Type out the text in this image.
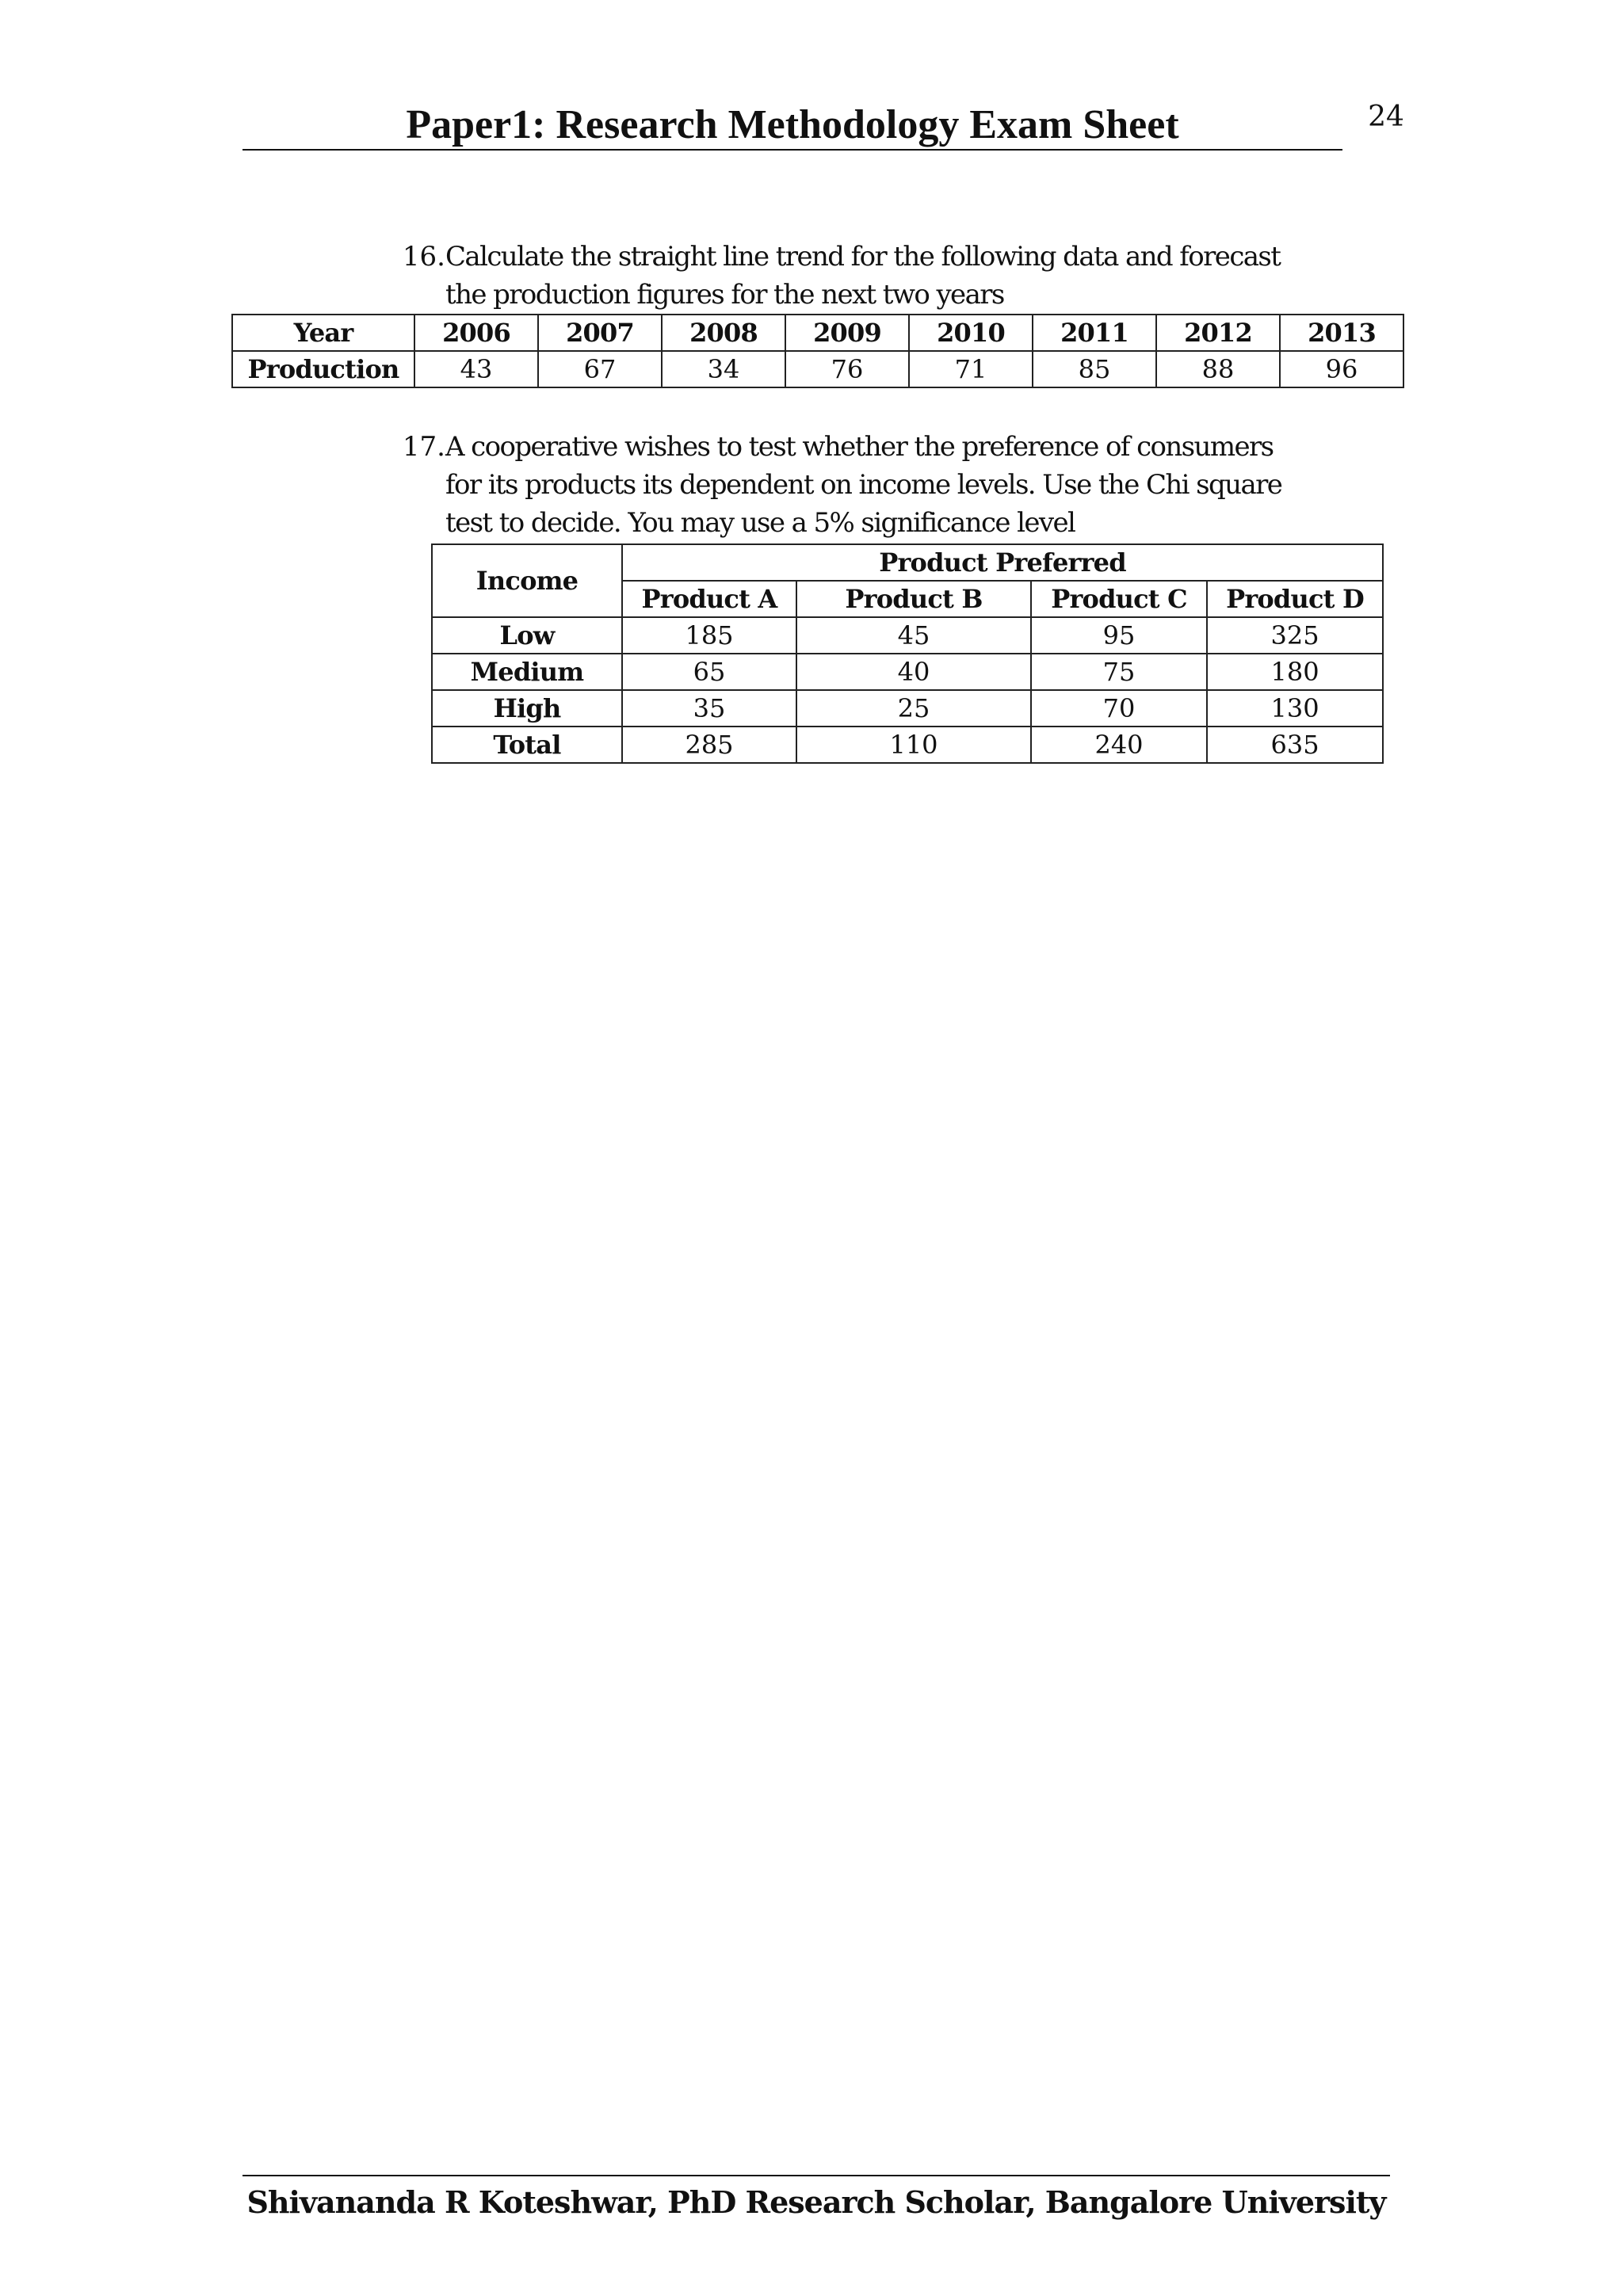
Paper1: Research Methodology Exam Sheet	24
16. Calculate the straight line trend for the following data and forecast
the production figures for the next two years
Year	2006	2007	2008	2009	2010	2011	2012	2013
Production	43	67	34	76	71	85	88	96
17. A cooperative wishes to test whether the preference of consumers
for its products its dependent on income levels. Use the Chi square
test to decide. You may use a 5% significance level
Income	Product Preferred			
	Product A	Product B	Product C	Product D
Low	185	45	95	325
Medium	65	40	75	180
High	35	25	70	130
Total	285	110	240	635
Shivananda R Koteshwar, PhD Research Scholar, Bangalore University
